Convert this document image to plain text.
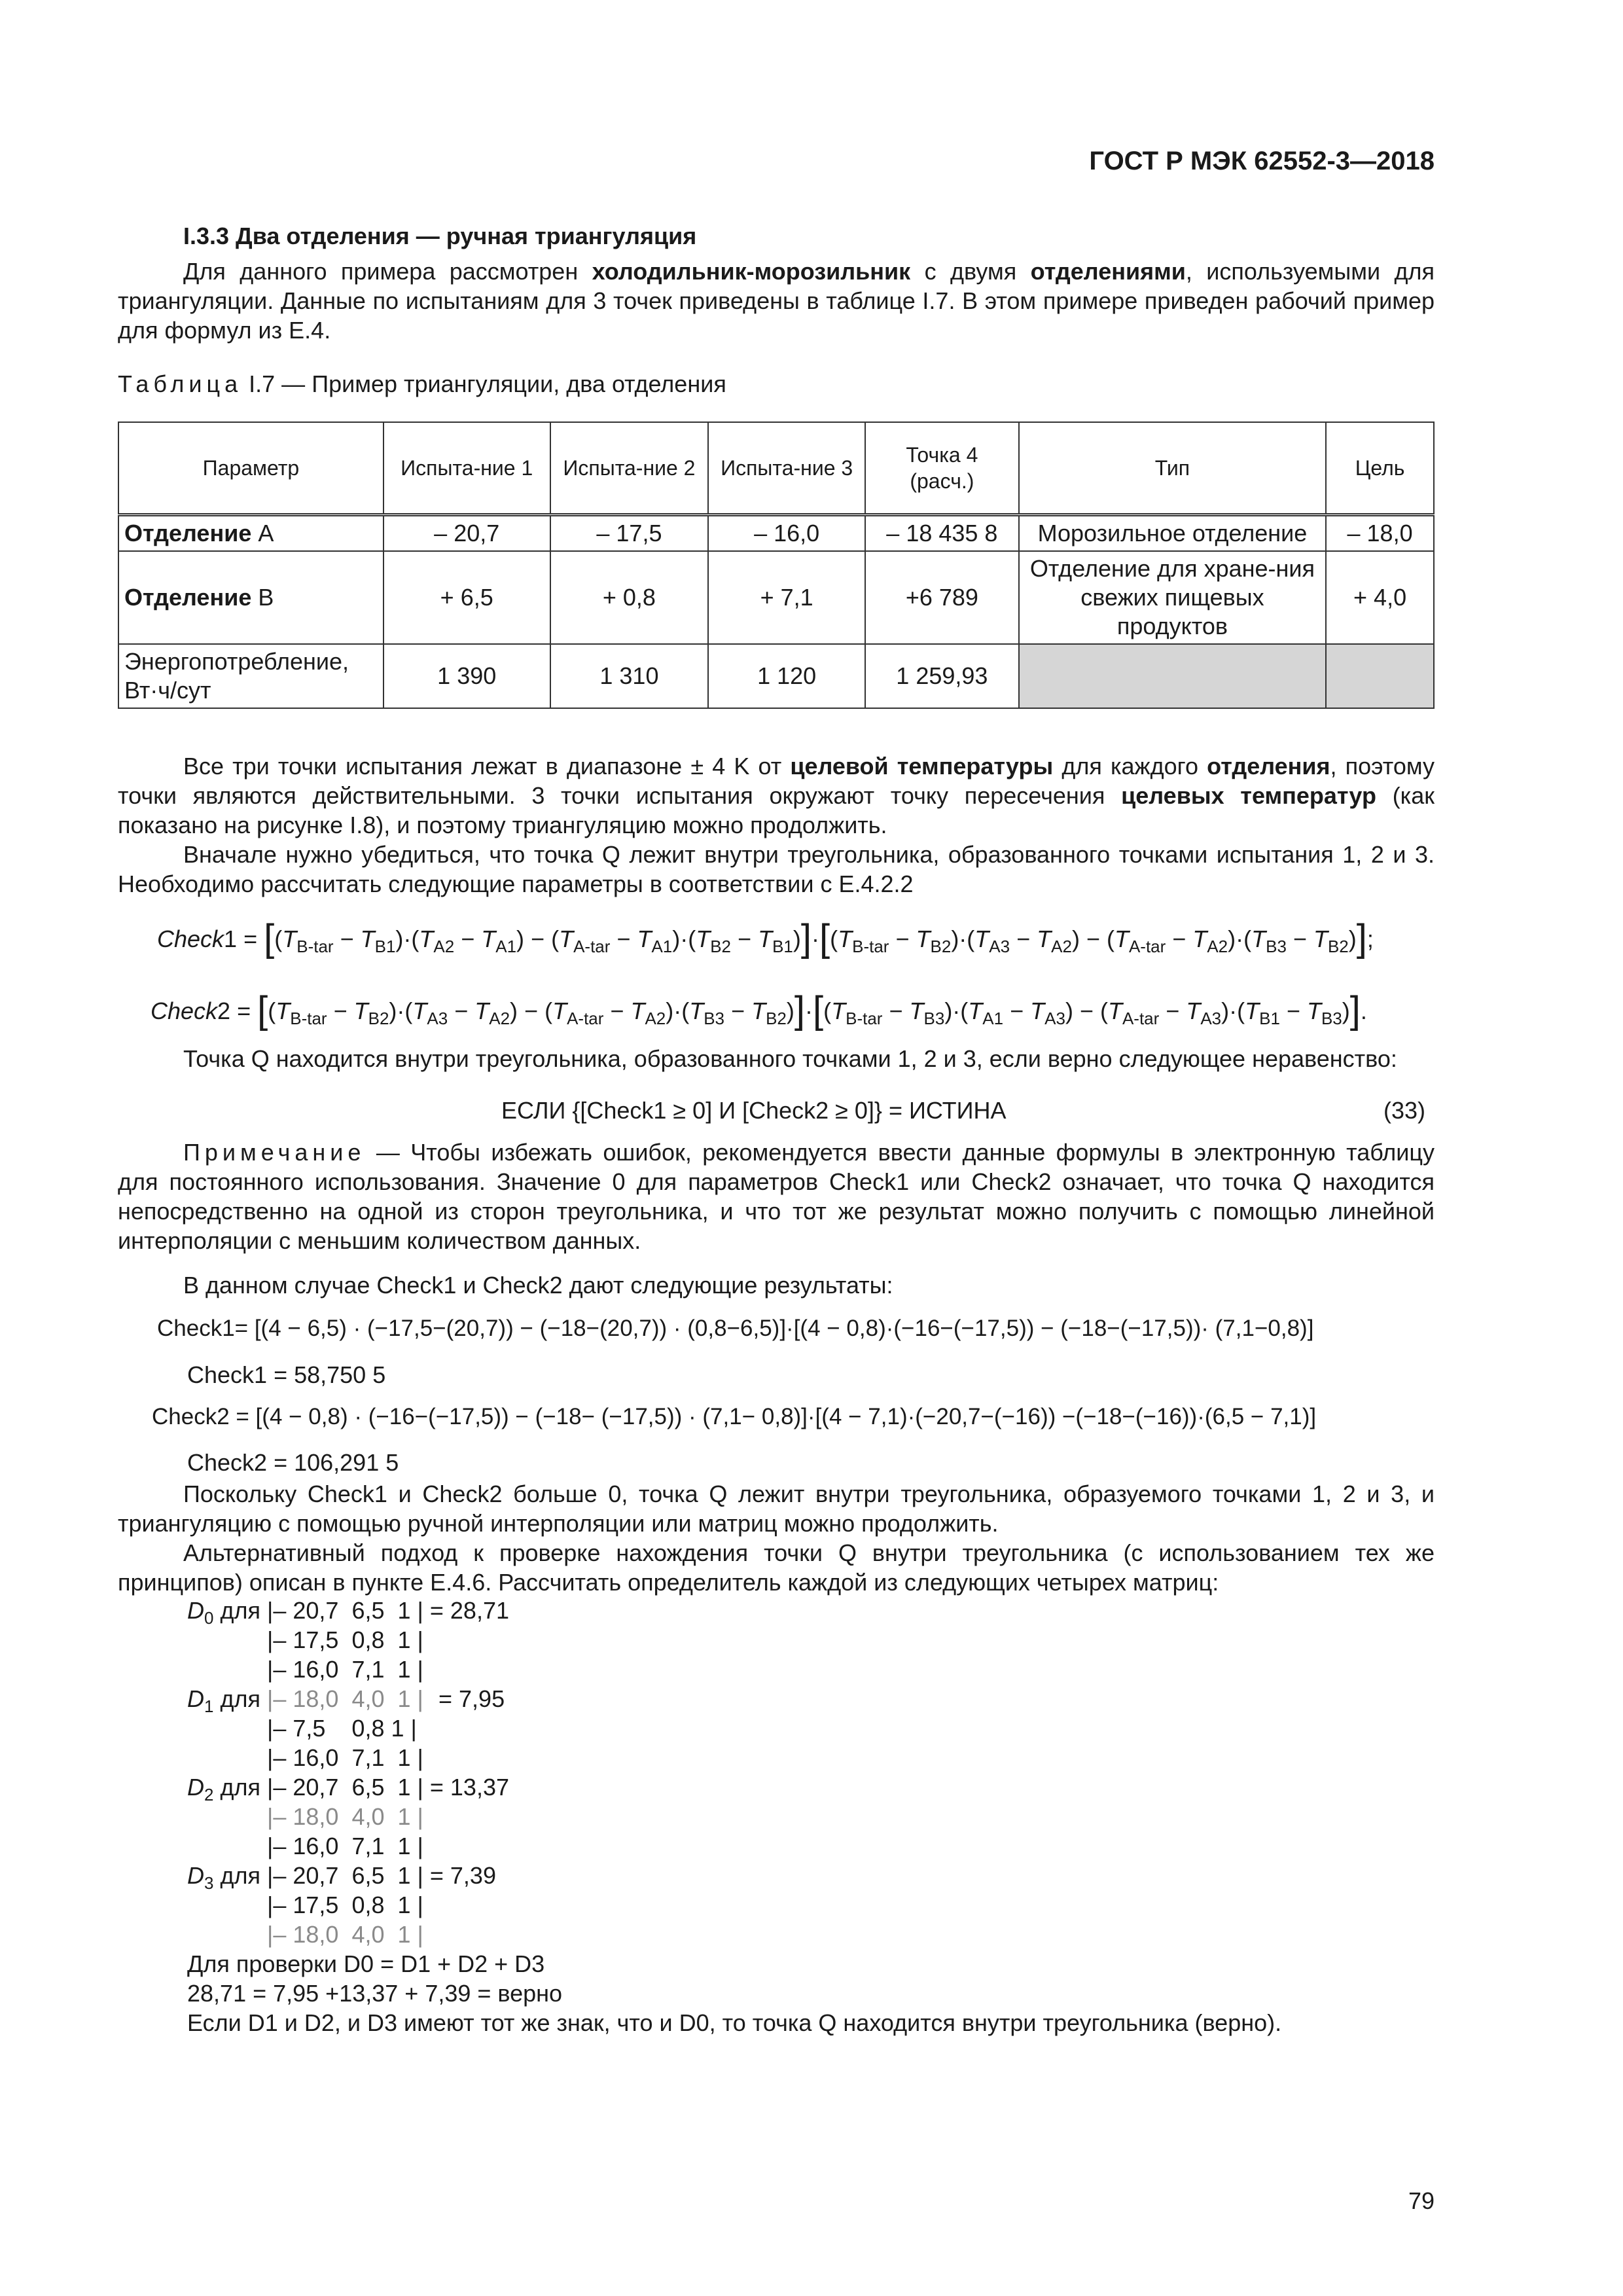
ГОСТ Р МЭК 62552-3—2018
I.3.3 Два отделения — ручная триангуляция
Для данного примера рассмотрен холодильник-морозильник с двумя отделениями, используемыми для триангуляции. Данные по испытаниям для 3 точек приведены в таблице I.7. В этом примере приведен рабочий пример для формул из E.4.
Таблица I.7 — Пример триангуляции, два отделения
Параметр	Испыта-ние 1	Испыта-ние 2	Испыта-ние 3	Точка 4 (расч.)	Тип	Цель
Отделение А	– 20,7	– 17,5	– 16,0	– 18 435 8	Морозильное отделение	– 18,0
Отделение В	+ 6,5	+ 0,8	+ 7,1	+6 789	Отделение для хране-ния свежих пищевых продуктов	+ 4,0
Энергопотребление, Вт·ч/сут	1 390	1 310	1 120	1 259,93		
Все три точки испытания лежат в диапазоне ± 4 K от целевой температуры для каждого отделения, поэтому точки являются действительными. 3 точки испытания окружают точку пересечения целевых температур (как показано на рисунке I.8), и поэтому триангуляцию можно продолжить.
Вначале нужно убедиться, что точка Q лежит внутри треугольника, образованного точками испытания 1, 2 и 3. Необходимо рассчитать следующие параметры в соответствии с E.4.2.2
Check1 = $[(T_{B-tar} - T_{B1})\cdot(T_{A2} - T_{A1}) - (T_{A-tar} - T_{A1})\cdot(T_{B2} - T_{B1})]\cdot[(T_{B-tar} - T_{B2})\cdot(T_{A3} - T_{A2}) - (T_{A-tar} - T_{A2})\cdot(T_{B3} - T_{B2})]$;
Check2 = $[(T_{B-tar} - T_{B2})\cdot(T_{A3} - T_{A2}) - (T_{A-tar} - T_{A2})\cdot(T_{B3} - T_{B2})]\cdot[(T_{B-tar} - T_{B3})\cdot(T_{A1} - T_{A3}) - (T_{A-tar} - T_{A3})\cdot(T_{B1} - T_{B3})]$.
Точка Q находится внутри треугольника, образованного точками 1, 2 и 3, если верно следующее неравенство:
ЕСЛИ {[Check1 ≥ 0] И [Check2 ≥ 0]} = ИСТИНА	(33)
Примечание — Чтобы избежать ошибок, рекомендуется ввести данные формулы в электронную таблицу для постоянного использования. Значение 0 для параметров Check1 или Check2 означает, что точка Q находится непосредственно на одной из сторон треугольника, и что тот же результат можно получить с помощью линейной интерполяции с меньшим количеством данных.
В данном случае Check1 и Check2 дают следующие результаты:
Check1= [(4 − 6,5) · (−17,5−(20,7)) − (−18−(20,7)) · (0,8−6,5)]·[(4 − 0,8)·(−16−(−17,5)) − (−18−(−17,5))· (7,1−0,8)]
Check1 = 58,750 5
Check2 = [(4 − 0,8) · (−16−(−17,5)) − (−18− (−17,5)) · (7,1− 0,8)]·[(4 − 7,1)·(−20,7−(−16)) −(−18−(−16))·(6,5 − 7,1)]
Check2 = 106,291 5
Поскольку Check1 и Check2 больше 0, точка Q лежит внутри треугольника, образуемого точками 1, 2 и 3, и триангуляцию с помощью ручной интерполяции или матриц можно продолжить.
Альтернативный подход к проверке нахождения точки Q внутри треугольника (с использованием тех же принципов) описан в пункте E.4.6. Рассчитать определитель каждой из следующих четырех матриц:
$D_0$ для |– 20,7  6,5  1 | = 28,71
|– 17,5  0,8  1 |
|– 16,0  7,1  1 |
$D_1$ для |– 18,0  4,0  1 | = 7,95
|– 7,5    0,8 1 |
|– 16,0  7,1  1 |
$D_2$ для |– 20,7  6,5  1 | = 13,37
|– 18,0  4,0  1 |
|– 16,0  7,1  1 |
$D_3$ для |– 20,7  6,5  1 | = 7,39
|– 17,5  0,8  1 |
|– 18,0  4,0  1 |
Для проверки D0 = D1 + D2 + D3
28,71 = 7,95 +13,37 + 7,39 = верно
Если D1 и D2, и D3 имеют тот же знак, что и D0, то точка Q находится внутри треугольника (верно).
79
